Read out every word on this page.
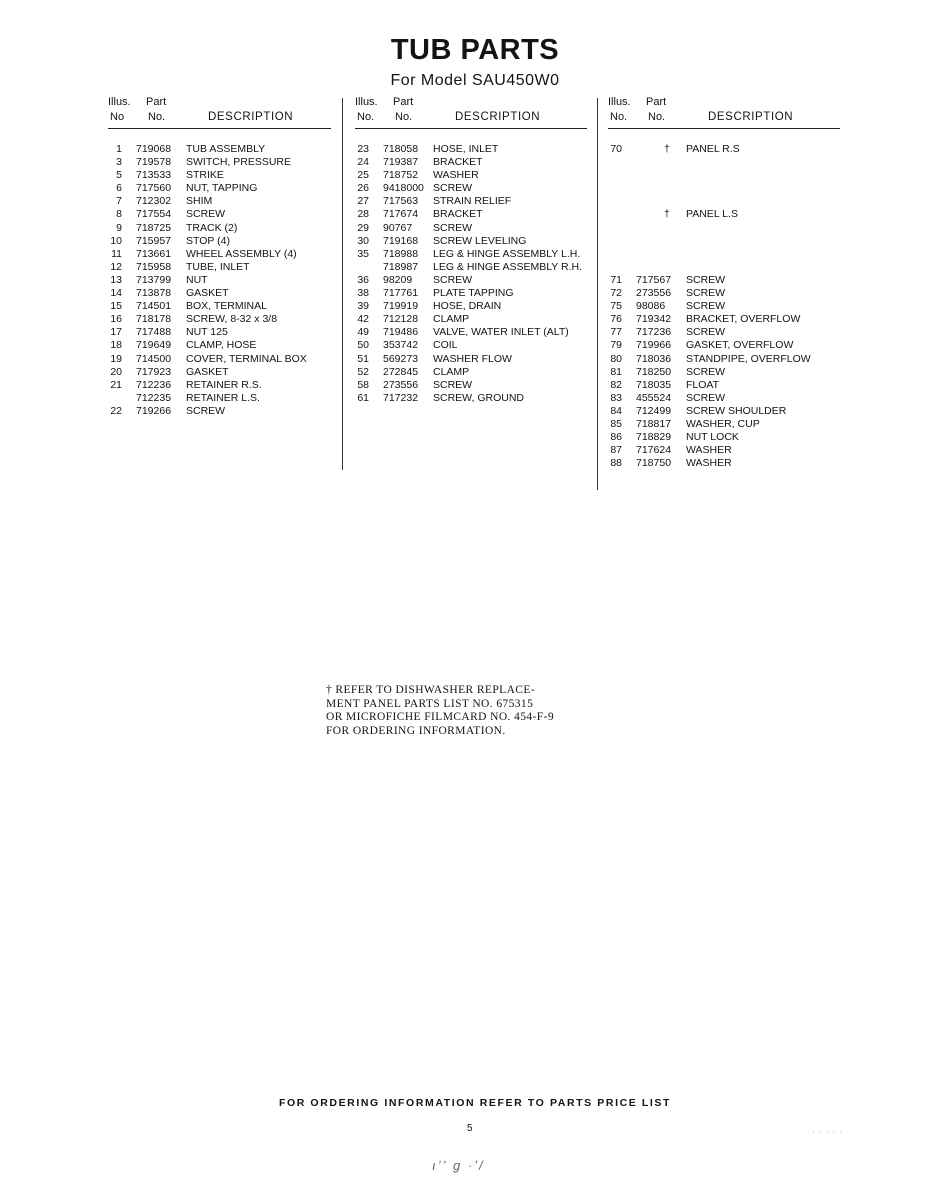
TUB PARTS
For Model SAU450W0
Illus. Part
No No.	DESCRIPTION
1 719068 TUB ASSEMBLY
3 719578 SWITCH, PRESSURE
5 713533 STRIKE
6 717560 NUT, TAPPING
7 712302 SHIM
8 717554 SCREW
9 718725 TRACK (2)
10 715957 STOP (4)
11 713661 WHEEL ASSEMBLY (4)
12 715958 TUBE, INLET
13 713799 NUT
14 713878 GASKET
15 714501 BOX, TERMINAL
16 718178 SCREW, 8-32 x 3/8
17 717488 NUT 125
18 719649 CLAMP, HOSE
19 714500 COVER, TERMINAL BOX
20 717923 GASKET
21 712236 RETAINER R.S.
712235 RETAINER L.S.
22 719266 SCREW
Illus. Part
No. No.	DESCRIPTION
23 718058 HOSE, INLET
24 719387 BRACKET
25 718752 WASHER
26 9418000 SCREW
27 717563 STRAIN RELIEF
28 717674 BRACKET
29 90767 SCREW
30 719168 SCREW LEVELING
35 718988 LEG & HINGE ASSEMBLY L.H.
718987 LEG & HINGE ASSEMBLY R.H.
36 98209 SCREW
38 717761 PLATE TAPPING
39 719919 HOSE, DRAIN
42 712128 CLAMP
49 719486 VALVE, WATER INLET (ALT)
50 353742 COIL
51 569273 WASHER FLOW
52 272845 CLAMP
58 273556 SCREW
61 717232 SCREW, GROUND
Illus. Part
No. No.	DESCRIPTION
70	† PANEL R.S
† PANEL L.S
71 717567 SCREW
72 273556 SCREW
75 98086 SCREW
76 719342 BRACKET, OVERFLOW
77 717236 SCREW
79 719966 GASKET, OVERFLOW
80 718036 STANDPIPE, OVERFLOW
81 718250 SCREW
82 718035 FLOAT
83 455524 SCREW
84 712499 SCREW SHOULDER
85 718817 WASHER, CUP
86 718829 NUT LOCK
87 717624 WASHER
88 718750 WASHER
† REFER TO DISHWASHER REPLACE-
MENT PANEL PARTS LIST NO. 675315
OR MICROFICHE FILMCARD NO. 454-F-9
FOR ORDERING INFORMATION.
FOR ORDERING INFORMATION REFER TO PARTS PRICE LIST
5	· · · · ·
ıʼʼ ɡ ·ʼ/
